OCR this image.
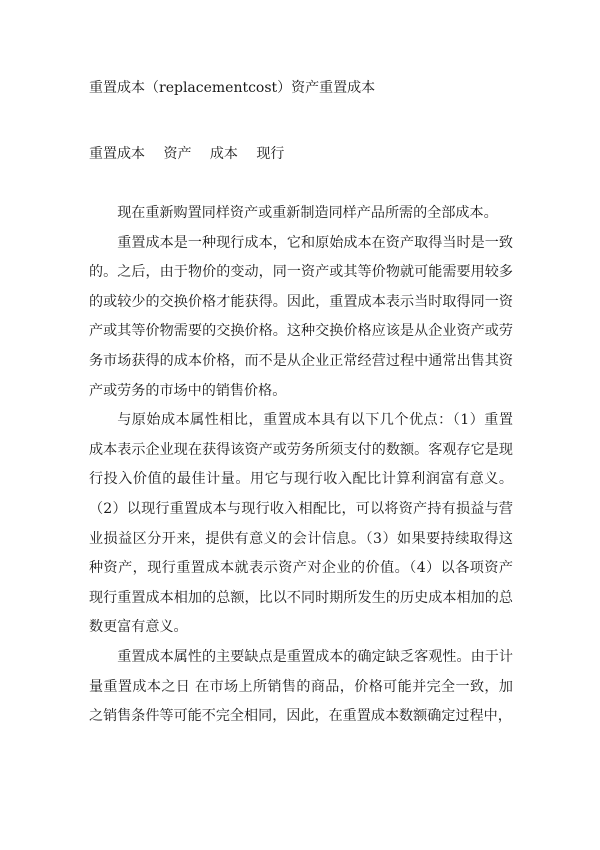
重置成本（replacementcost）资产重置成本
重置成本 资产 成本 现行

现在重新购置同样资产或重新制造同样产品所需的全部成本。

重置成本是一种现行成本，它和原始成本在资产取得当时是一致的。之后，由于物价的变动，同一资产或其等价物就可能需要用较多的或较少的交换价格才能获得。因此，重置成本表示当时取得同一资产或其等价物需要的交换价格。这种交换价格应该是从企业资产或劳务市场获得的成本价格，而不是从企业正常经营过程中通常出售其资产或劳务的市场中的销售价格。

与原始成本属性相比，重置成本具有以下几个优点：（1）重置成本表示企业现在获得该资产或劳务所须支付的数额。客观存它是现行投入价值的最佳计量。用它与现行收入配比计算利润富有意义。（2）以现行重置成本与现行收入相配比，可以将资产持有损益与营业损益区分开来，提供有意义的会计信息。（3）如果要持续取得这种资产，现行重置成本就表示资产对企业的价值。（4）以各项资产现行重置成本相加的总额，比以不同时期所发生的历史成本相加的总数更富有意义。

重置成本属性的主要缺点是重置成本的确定缺乏客观性。由于计量重置成本之日 在市场上所销售的商品，价格可能并完全一致，加之销售条件等可能不完全相同，因此，在重置成本数额确定过程中，
